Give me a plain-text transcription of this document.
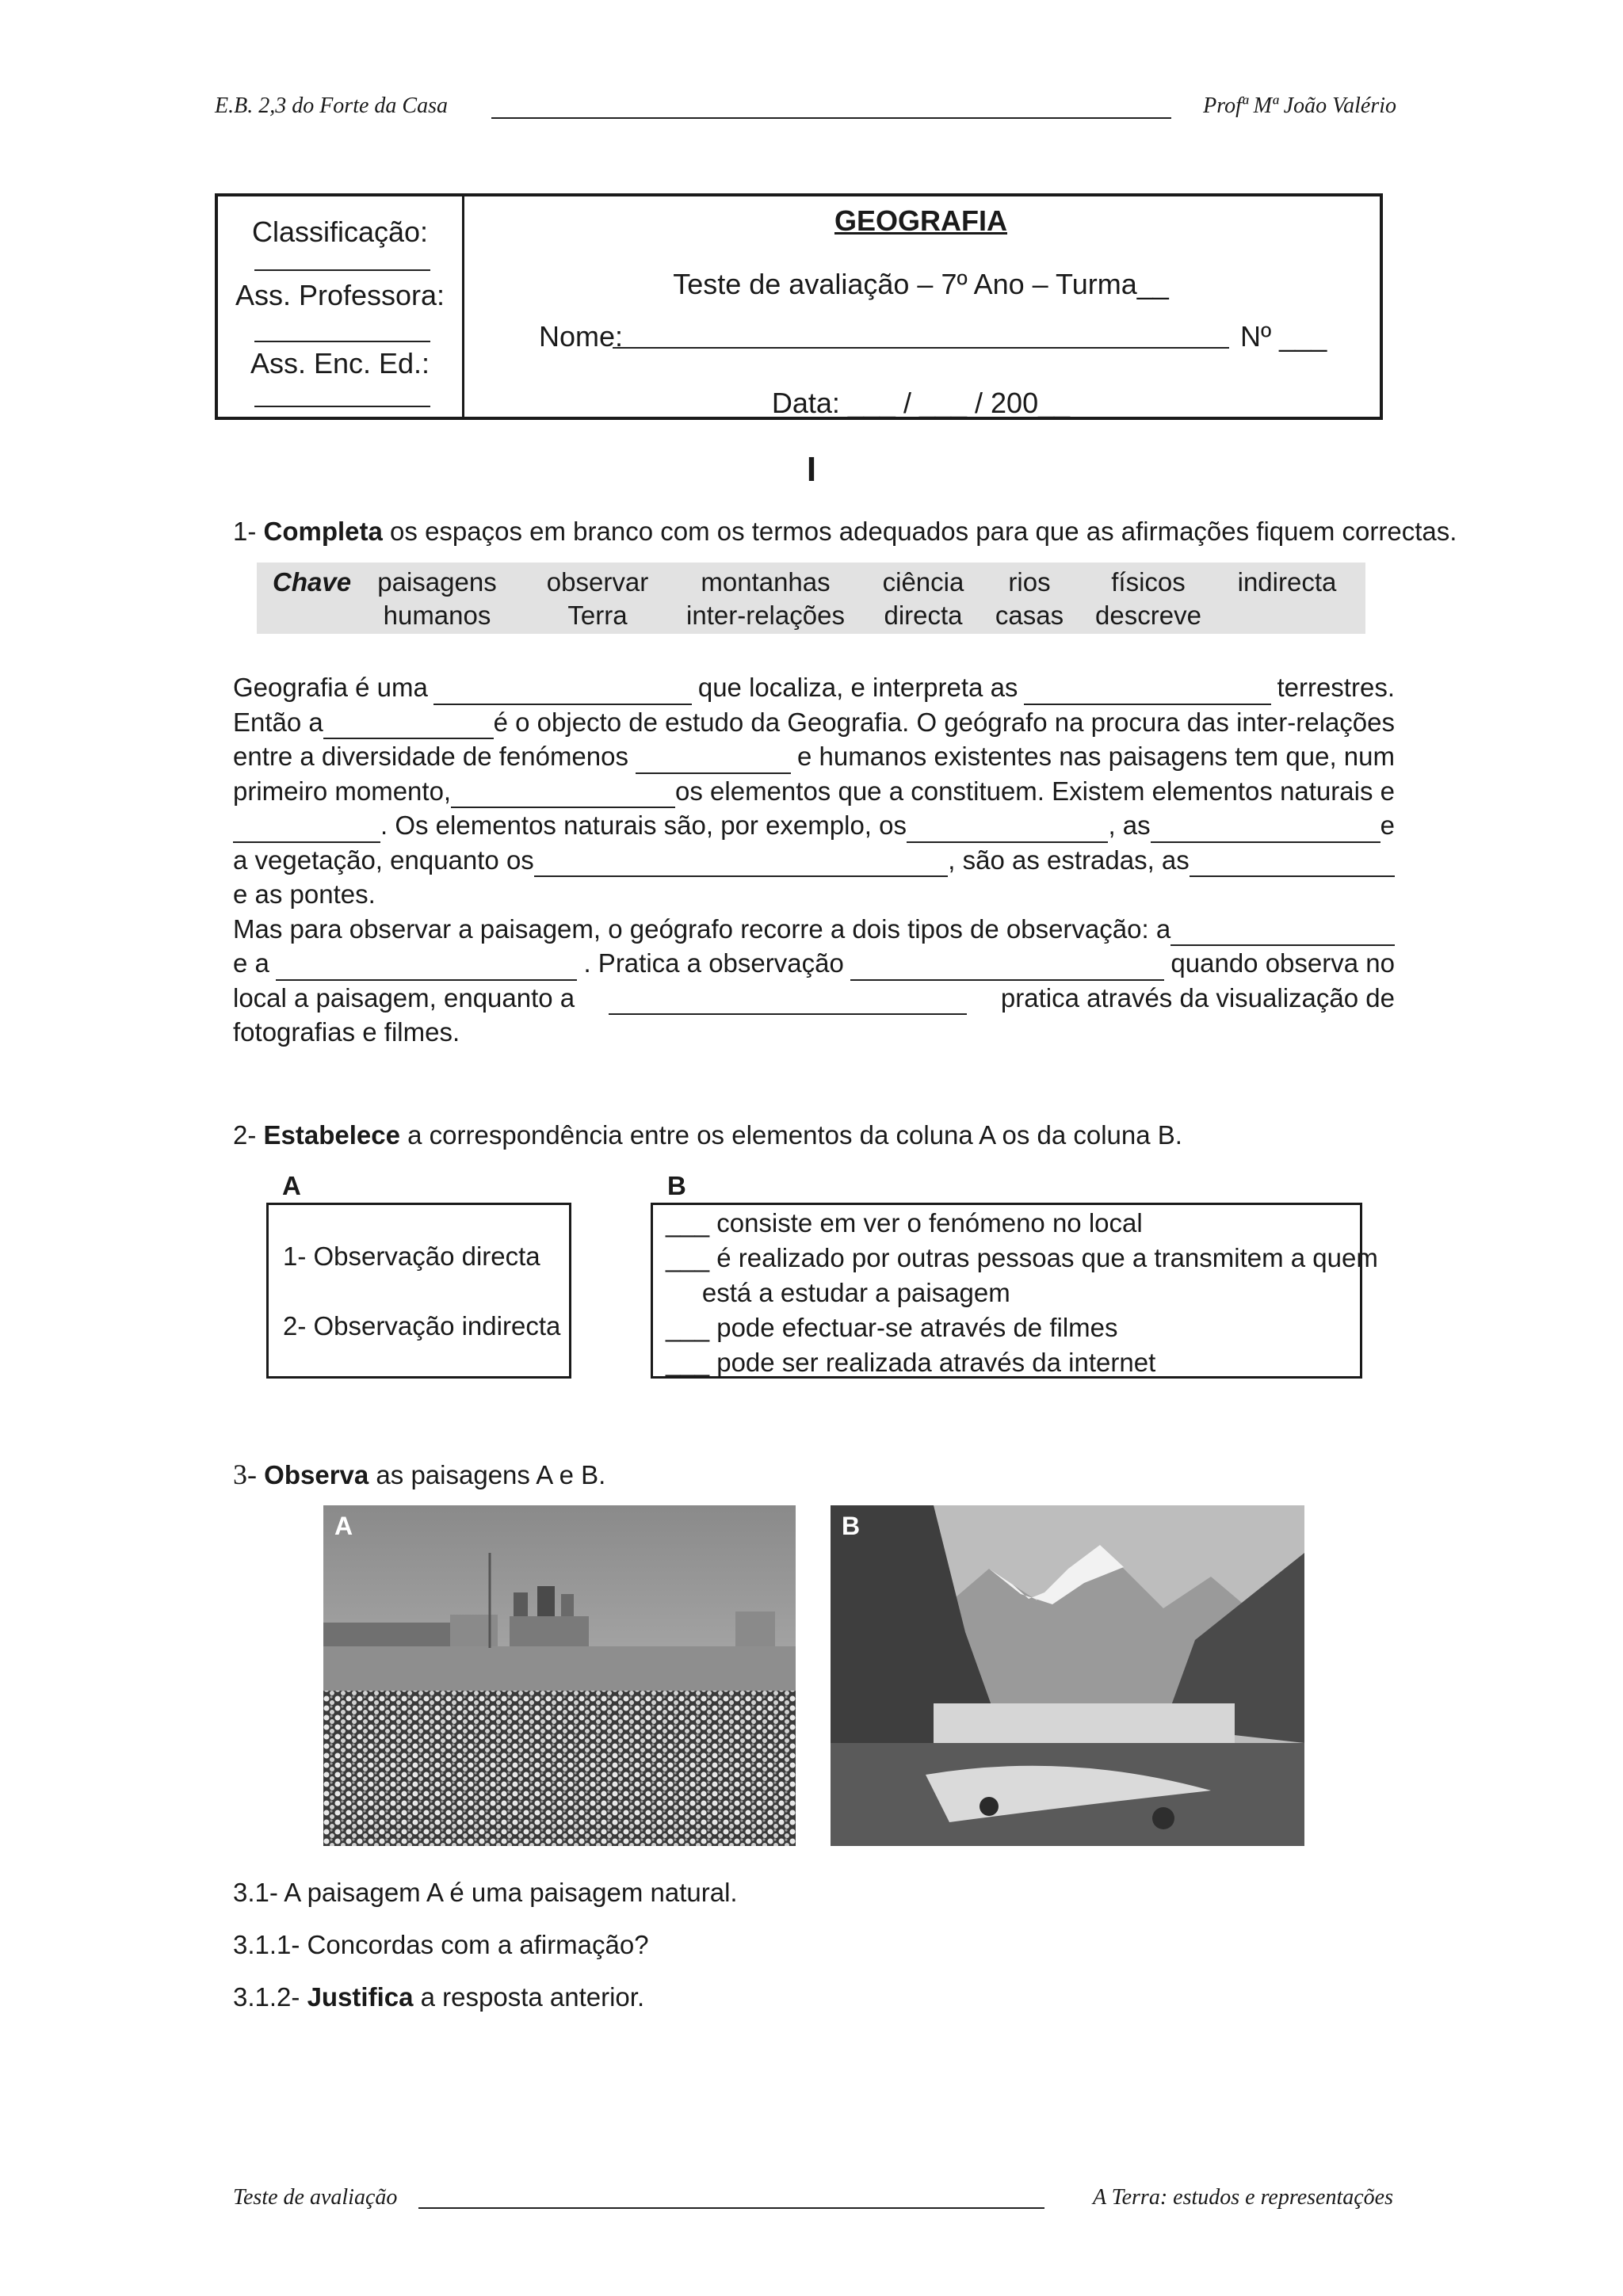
E.B. 2,3 do Forte da Casa	Profª Mª João Valério
Classificação:
Ass. Professora:
Ass. Enc. Ed.:
GEOGRAFIA
Teste de avaliação – 7º Ano – Turma__
Nome:	Nº ___
Data: ___ / ___ / 200__
I
1- Completa os espaços em branco com os termos adequados para que as afirmações fiquem correctas.
Chave	paisagens	observar	montanhas	ciência	rios	físicos	indirecta
humanos	Terra	inter-relações	directa	casas	descreve
Geografia é uma	que localiza, e interpreta as	terrestres.
Então a	é o objecto de estudo da Geografia. O geógrafo na procura das inter-relações
entre a diversidade de fenómenos	e humanos existentes nas paisagens tem que, num
primeiro momento,	os elementos que a constituem. Existem elementos naturais e
. Os elementos naturais são, por exemplo, os	, as	e
a vegetação, enquanto os	, são as estradas, as
e as pontes.
Mas para observar a paisagem, o geógrafo recorre a dois tipos de observação: a
e a	. Pratica a observação	quando observa no
local a paisagem, enquanto a	pratica através da visualização de
fotografias e filmes.
2- Estabelece a correspondência entre os elementos da coluna A os da coluna B.
A	B
1- Observação directa
2- Observação indirecta
___ consiste em ver o fenómeno no local
___ é realizado por outras pessoas que a transmitem a quem
está a estudar a paisagem
___ pode efectuar-se através de filmes
___ pode ser realizada através da internet
3- Observa as paisagens A e B.
A	B
3.1- A paisagem A é uma paisagem natural.
3.1.1- Concordas com a afirmação?
3.1.2- Justifica a resposta anterior.
Teste de avaliação	A Terra: estudos e representações
